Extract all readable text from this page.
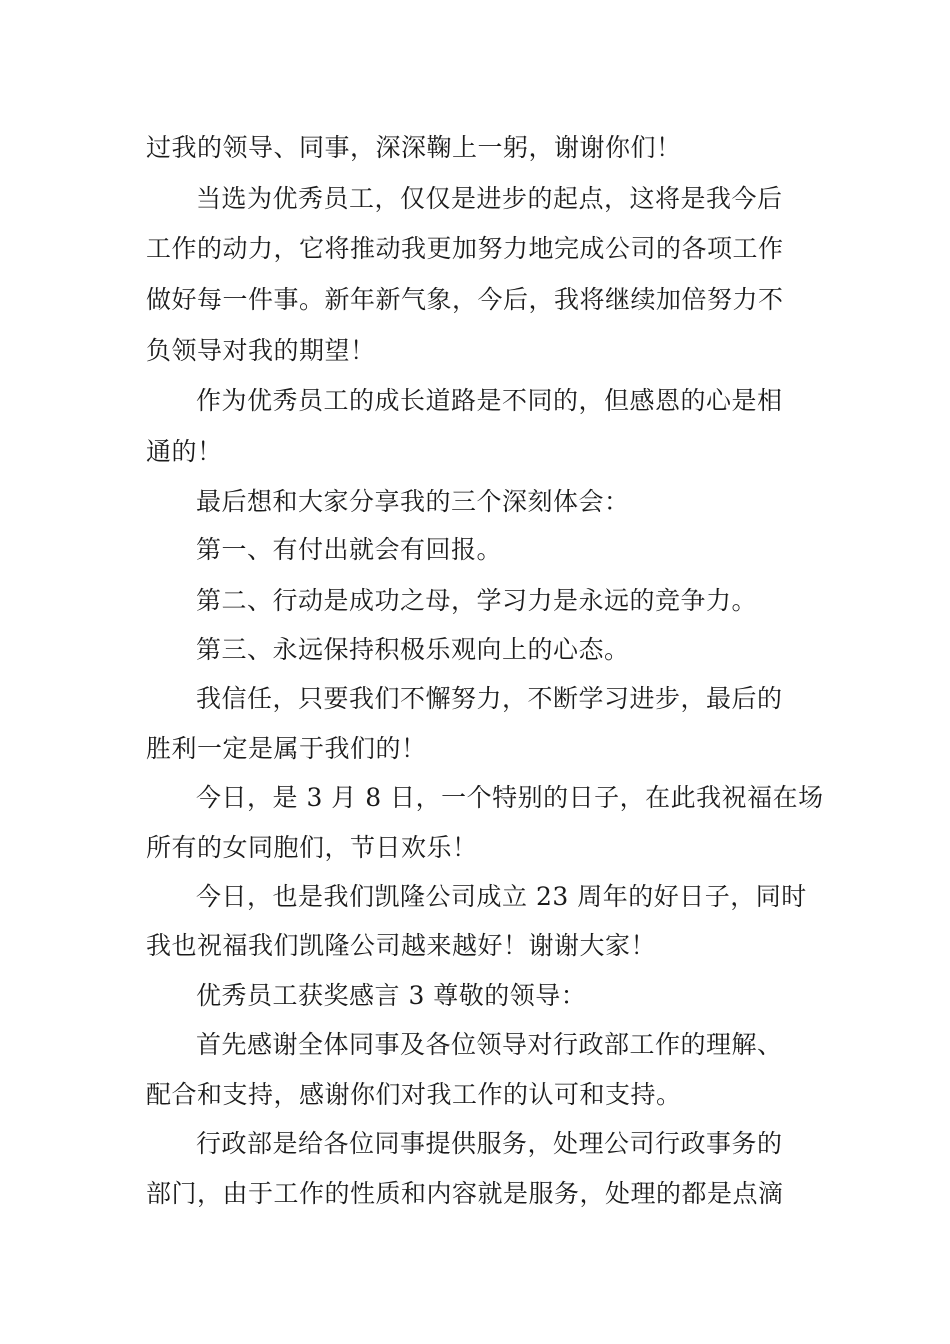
过我的领导、同事，深深鞠上一躬，谢谢你们！
当选为优秀员工，仅仅是进步的起点，这将是我今后
工作的动力，它将推动我更加努力地完成公司的各项工作
做好每一件事。新年新气象，今后，我将继续加倍努力不
负领导对我的期望！
作为优秀员工的成长道路是不同的，但感恩的心是相
通的！
最后想和大家分享我的三个深刻体会：
第一、有付出就会有回报。
第二、行动是成功之母，学习力是永远的竞争力。
第三、永远保持积极乐观向上的心态。
我信任，只要我们不懈努力，不断学习进步，最后的
胜利一定是属于我们的！
今日，是 3 月 8 日，一个特别的日子，在此我祝福在场
所有的女同胞们，节日欢乐！
今日，也是我们凯隆公司成立 23 周年的好日子，同时
我也祝福我们凯隆公司越来越好！谢谢大家！
优秀员工获奖感言 3 尊敬的领导：
首先感谢全体同事及各位领导对行政部工作的理解、
配合和支持，感谢你们对我工作的认可和支持。
行政部是给各位同事提供服务，处理公司行政事务的
部门，由于工作的性质和内容就是服务，处理的都是点滴
